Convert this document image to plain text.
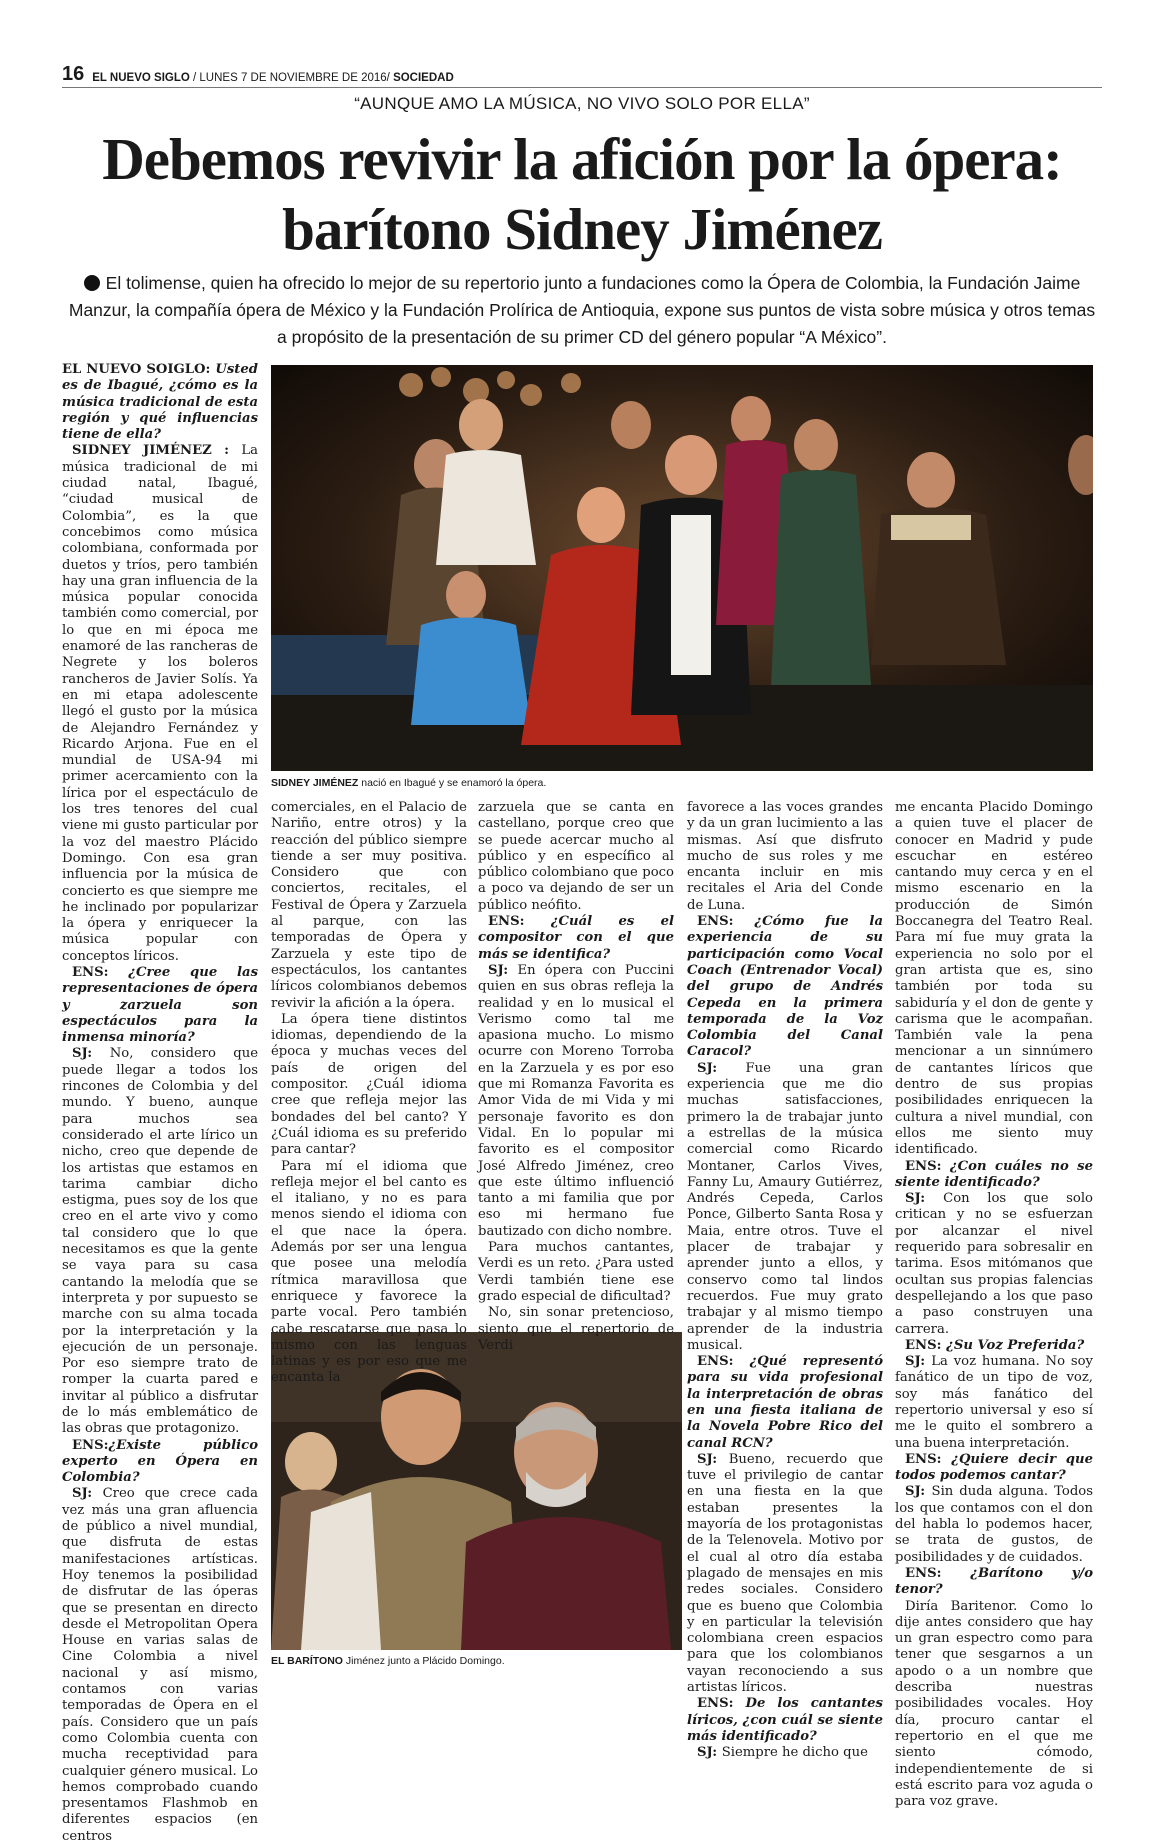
16 EL NUEVO SIGLO / LUNES 7 DE NOVIEMBRE DE 2016/ SOCIEDAD
“AUNQUE AMO LA MÚSICA, NO VIVO SOLO POR ELLA”
Debemos revivir la afición por la ópera:
barítono Sidney Jiménez
El tolimense, quien ha ofrecido lo mejor de su repertorio junto a fundaciones como la Ópera de Colombia, la Fundación Jaime Manzur, la compañía ópera de México y la Fundación Prolírica de Antioquia, expone sus puntos de vista sobre música y otros temas a propósito de la presentación de su primer CD del género popular “A México”.
SIDNEY JIMÉNEZ nació en Ibagué y se enamoró la ópera.
EL BARÍTONO Jiménez junto a Plácido Domingo.

EL NUEVO SOIGLO: Usted es de Ibagué, ¿cómo es la música tradicional de esta región y qué influencias tiene de ella?

SIDNEY JIMÉNEZ : La música tradicional de mi ciudad natal, Ibagué, “ciudad musical de Colombia”, es la que concebimos como música colombiana, conformada por duetos y tríos, pero también hay una gran influencia de la música popular conocida también como comercial, por lo que en mi época me enamoré de las rancheras de Negrete y los boleros rancheros de Javier Solís. Ya en mi etapa adolescente llegó el gusto por la música de Alejandro Fernández y Ricardo Arjona. Fue en el mundial de USA-94 mi primer acercamiento con la lírica por el espectáculo de los tres tenores del cual viene mi gusto particular por la voz del maestro Plácido Domingo. Con esa gran influencia por la música de concierto es que siempre me he inclinado por popularizar la ópera y enriquecer la música popular con conceptos líricos.

ENS: ¿Cree que las representaciones de ópera y zarzuela son espectáculos para la inmensa minoría?

SJ: No, considero que puede llegar a todos los rincones de Colombia y del mundo. Y bueno, aunque para muchos sea considerado el arte lírico un nicho, creo que depende de los artistas que estamos en tarima cambiar dicho estigma, pues soy de los que creo en el arte vivo y como tal considero que lo que necesitamos es que la gente se vaya para su casa cantando la melodía que se interpreta y por supuesto se marche con su alma tocada por la interpretación y la ejecución de un personaje. Por eso siempre trato de romper la cuarta pared e invitar al público a disfrutar de lo más emblemático de las obras que protagonizo.

ENS:¿Existe público experto en Ópera en Colombia?

SJ: Creo que crece cada vez más una gran afluencia de público a nivel mundial, que disfruta de estas manifestaciones artísticas. Hoy tenemos la posibilidad de disfrutar de las óperas que se presentan en directo desde el Metropolitan Opera House en varias salas de Cine Colombia a nivel nacional y así mismo, contamos con varias temporadas de Ópera en el país. Considero que un país como Colombia cuenta con mucha receptividad para cualquier género musical. Lo hemos comprobado cuando presentamos Flashmob en diferentes espacios (en centros

comerciales, en el Palacio de Nariño, entre otros) y la reacción del público siempre tiende a ser muy positiva. Considero que con conciertos, recitales, el Festival de Ópera y Zarzuela al parque, con las temporadas de Ópera y Zarzuela y este tipo de espectáculos, los cantantes líricos colombianos debemos revivir la afición a la ópera.

La ópera tiene distintos idiomas, dependiendo de la época y muchas veces del país de origen del compositor. ¿Cuál idioma cree que refleja mejor las bondades del bel canto? Y ¿Cuál idioma es su preferido para cantar?

Para mí el idioma que refleja mejor el bel canto es el italiano, y no es para menos siendo el idioma con el que nace la ópera. Además por ser una lengua que posee una melodía rítmica maravillosa que enriquece y favorece la parte vocal. Pero también cabe rescatarse que pasa lo mismo con las lenguas latinas y es por eso que me encanta la

zarzuela que se canta en castellano, porque creo que se puede acercar mucho al público y en específico al público colombiano que poco a poco va dejando de ser un público neófito.

ENS: ¿Cuál es el compositor con el que más se identifica?

SJ: En ópera con Puccini quien en sus obras refleja la realidad y en lo musical el Verismo como tal me apasiona mucho. Lo mismo ocurre con Moreno Torroba en la Zarzuela y es por eso que mi Romanza Favorita es Amor Vida de mi Vida y mi personaje favorito es don Vidal. En lo popular mi favorito es el compositor José Alfredo Jiménez, creo que este último influenció tanto a mi familia que por eso mi hermano fue bautizado con dicho nombre.

Para muchos cantantes, Verdi es un reto. ¿Para usted Verdi también tiene ese grado especial de dificultad?

No, sin sonar pretencioso, siento que el repertorio de Verdi

favorece a las voces grandes y da un gran lucimiento a las mismas. Así que disfruto mucho de sus roles y me encanta incluir en mis recitales el Aria del Conde de Luna.

ENS: ¿Cómo fue la experiencia de su participación como Vocal Coach (Entrenador Vocal) del grupo de Andrés Cepeda en la primera temporada de la Voz Colombia del Canal Caracol?

SJ: Fue una gran experiencia que me dio muchas satisfacciones, primero la de trabajar junto a estrellas de la música comercial como Ricardo Montaner, Carlos Vives, Fanny Lu, Amaury Gutiérrez, Andrés Cepeda, Carlos Ponce, Gilberto Santa Rosa y Maia, entre otros. Tuve el placer de trabajar y aprender junto a ellos, y conservo como tal lindos recuerdos. Fue muy grato trabajar y al mismo tiempo aprender de la industria musical.

ENS: ¿Qué representó para su vida profesional la interpretación de obras en una fiesta italiana de la Novela Pobre Rico del canal RCN?

SJ: Bueno, recuerdo que tuve el privilegio de cantar en una fiesta en la que estaban presentes la mayoría de los protagonistas de la Telenovela. Motivo por el cual al otro día estaba plagado de mensajes en mis redes sociales. Considero que es bueno que Colombia y en particular la televisión colombiana creen espacios para que los colombianos vayan reconociendo a sus artistas líricos.

ENS: De los cantantes líricos, ¿con cuál se siente más identificado?

SJ: Siempre he dicho que

me encanta Placido Domingo a quien tuve el placer de conocer en Madrid y pude escuchar en estéreo cantando muy cerca y en el mismo escenario en la producción de Simón Boccanegra del Teatro Real. Para mí fue muy grata la experiencia no solo por el gran artista que es, sino también por toda su sabiduría y el don de gente y carisma que le acompañan. También vale la pena mencionar a un sinnúmero de cantantes líricos que dentro de sus propias posibilidades enriquecen la cultura a nivel mundial, con ellos me siento muy identificado.

ENS: ¿Con cuáles no se siente identificado?

SJ: Con los que solo critican y no se esfuerzan por alcanzar el nivel requerido para sobresalir en tarima. Esos mitómanos que ocultan sus propias falencias despellejando a los que paso a paso construyen una carrera.

ENS: ¿Su Voz Preferida?

SJ: La voz humana. No soy fanático de un tipo de voz, soy más fanático del repertorio universal y eso sí me le quito el sombrero a una buena interpretación.

ENS: ¿Quiere decir que todos podemos cantar?

SJ: Sin duda alguna. Todos los que contamos con el don del habla lo podemos hacer, se trata de gustos, de posibilidades y de cuidados.

ENS: ¿Barítono y/o tenor?

Diría Baritenor. Como lo dije antes considero que hay un gran espectro como para tener que sesgarnos a un apodo o a un nombre que describa nuestras posibilidades vocales. Hoy día, procuro cantar el repertorio en el que me siento cómodo, independientemente de si está escrito para voz aguda o para voz grave.
